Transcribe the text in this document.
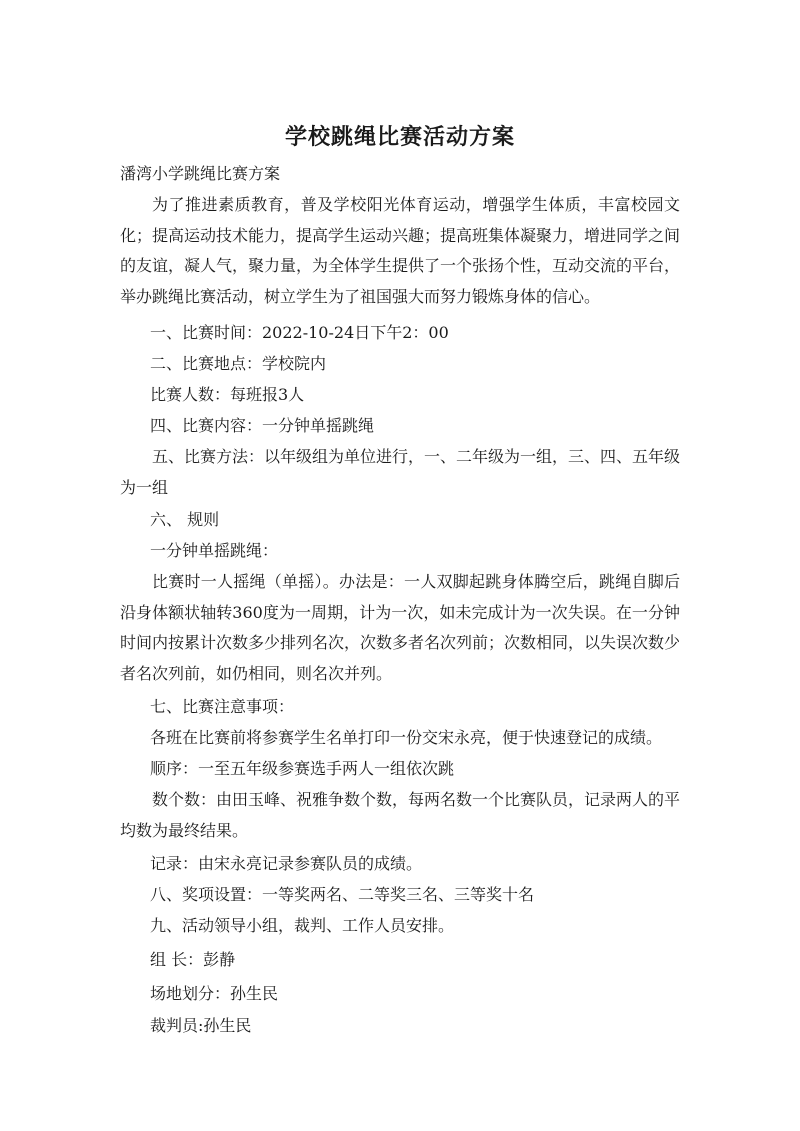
学校跳绳比赛活动方案
潘湾小学跳绳比赛方案
为了推进素质教育，普及学校阳光体育运动，增强学生体质，丰富校园文化；提高运动技术能力，提高学生运动兴趣；提高班集体凝聚力，增进同学之间的友谊，凝人气，聚力量，为全体学生提供了一个张扬个性，互动交流的平台，举办跳绳比赛活动，树立学生为了祖国强大而努力锻炼身体的信心。
一、比赛时间：2022-10-24日下午2：00
二、比赛地点：学校院内
比赛人数：每班报3人
四、比赛内容：一分钟单摇跳绳
五、比赛方法：以年级组为单位进行，一、二年级为一组，三、四、五年级为一组
六、 规则
一分钟单摇跳绳：
比赛时一人摇绳（单摇）。办法是：一人双脚起跳身体腾空后，跳绳自脚后沿身体额状轴转360度为一周期，计为一次，如未完成计为一次失误。在一分钟时间内按累计次数多少排列名次，次数多者名次列前；次数相同，以失误次数少者名次列前，如仍相同，则名次并列。
七、比赛注意事项：
各班在比赛前将参赛学生名单打印一份交宋永亮，便于快速登记的成绩。
顺序：一至五年级参赛选手两人一组依次跳
数个数：由田玉峰、祝雅争数个数，每两名数一个比赛队员，记录两人的平均数为最终结果。
记录：由宋永亮记录参赛队员的成绩。
八、奖项设置：一等奖两名、二等奖三名、三等奖十名
九、活动领导小组，裁判、工作人员安排。
组 长：彭静
场地划分：孙生民
裁判员:孙生民
